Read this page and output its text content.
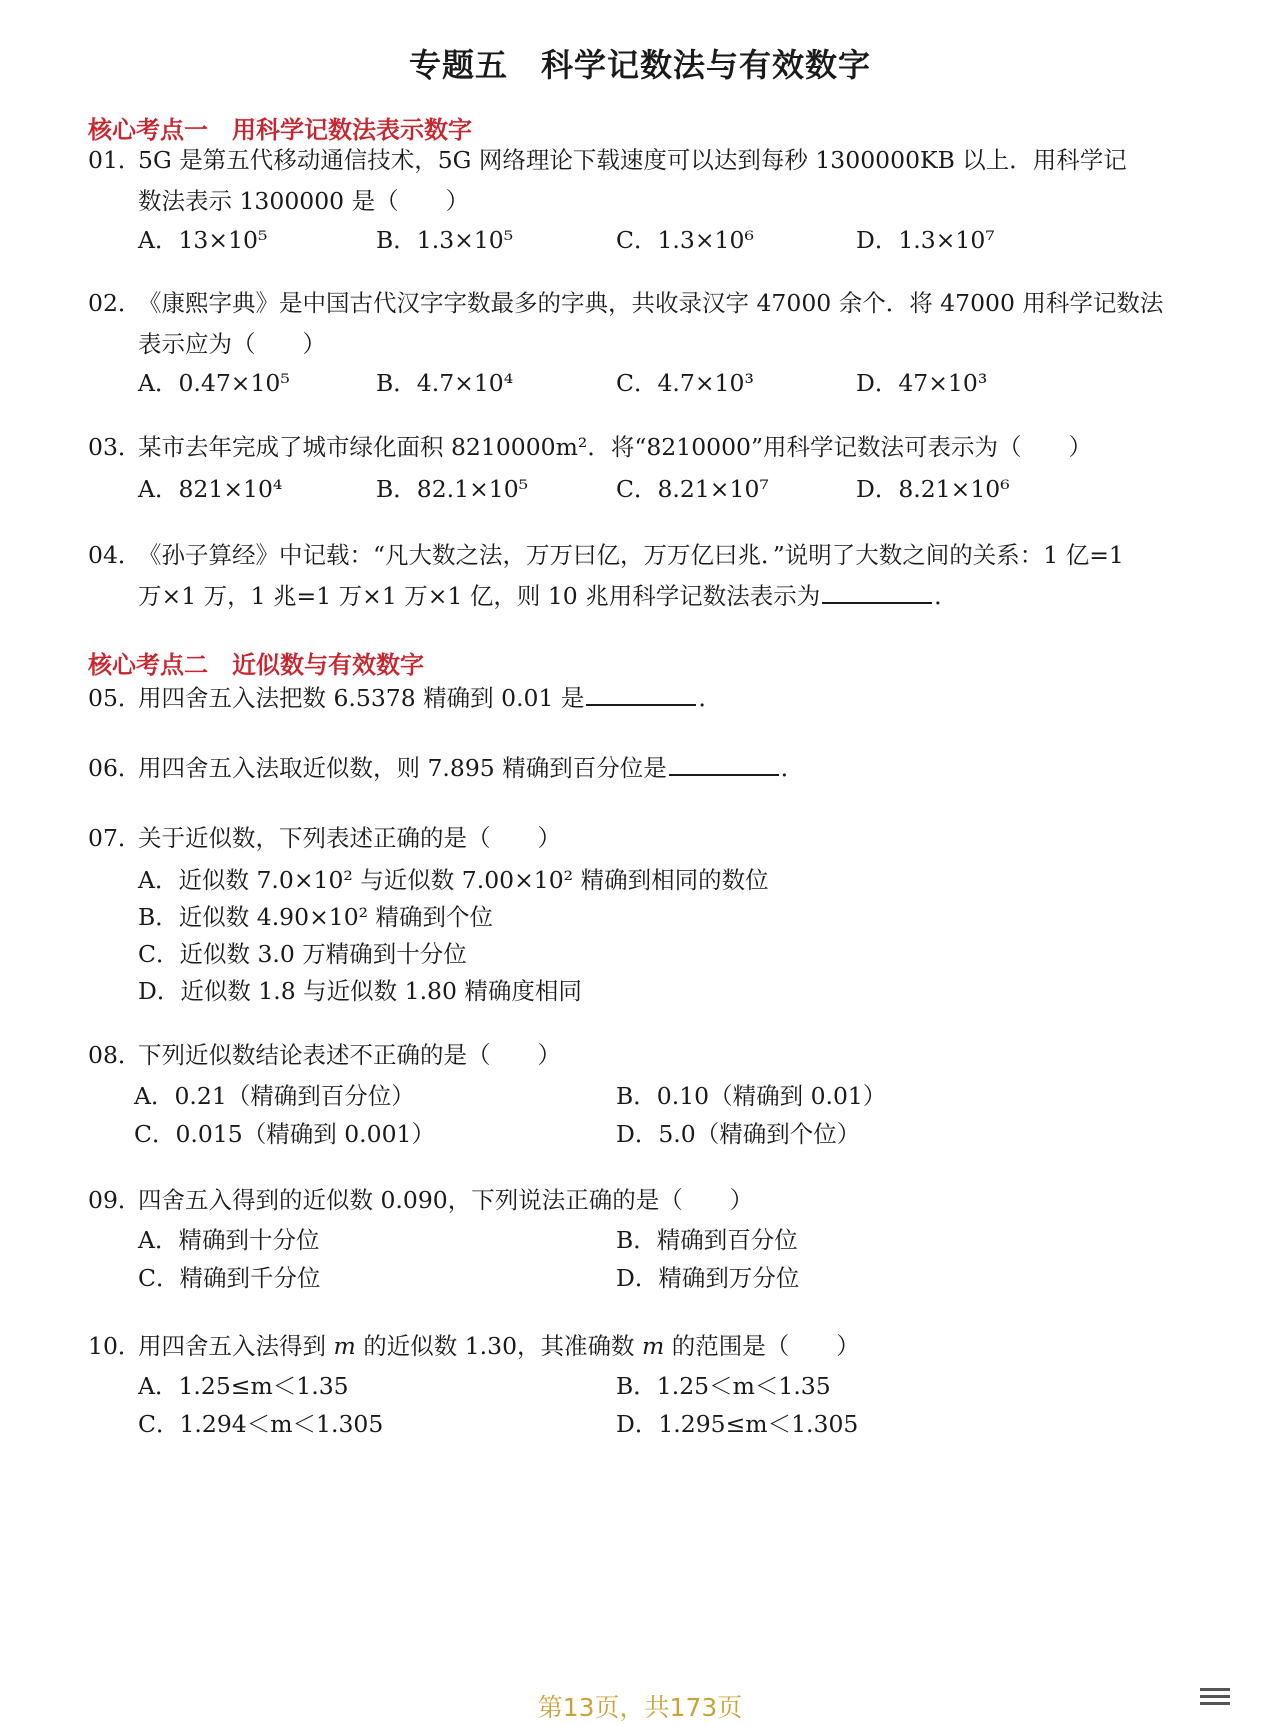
专题五　科学记数法与有效数字
核心考点一　用科学记数法表示数字
01．5G 是第五代移动通信技术，5G 网络理论下载速度可以达到每秒 1300000KB 以上．用科学记
数法表示 1300000 是（　　）
A．13×10⁵	B．1.3×10⁵	C．1.3×10⁶	D．1.3×10⁷
02．《康熙字典》是中国古代汉字字数最多的字典，共收录汉字 47000 余个．将 47000 用科学记数法
表示应为（　　）
A．0.47×10⁵	B．4.7×10⁴	C．4.7×10³	D．47×10³
03．某市去年完成了城市绿化面积 8210000m²．将“8210000”用科学记数法可表示为（　　）
A．821×10⁴	B．82.1×10⁵	C．8.21×10⁷	D．8.21×10⁶
04．《孙子算经》中记载：“凡大数之法，万万曰亿，万万亿曰兆．”说明了大数之间的关系：1 亿=1
万×1 万，1 兆=1 万×1 万×1 亿，则 10 兆用科学记数法表示为	．
核心考点二　近似数与有效数字
05．用四舍五入法把数 6.5378 精确到 0.01 是	．
06．用四舍五入法取近似数，则 7.895 精确到百分位是	．
07．关于近似数，下列表述正确的是（　　）
A．近似数 7.0×10² 与近似数 7.00×10² 精确到相同的数位
B．近似数 4.90×10² 精确到个位
C．近似数 3.0 万精确到十分位
D．近似数 1.8 与近似数 1.80 精确度相同
08．下列近似数结论表述不正确的是（　　）
A．0.21（精确到百分位）	B．0.10（精确到 0.01）
C．0.015（精确到 0.001）	D．5.0（精确到个位）
09．四舍五入得到的近似数 0.090，下列说法正确的是（　　）
A．精确到十分位	B．精确到百分位
C．精确到千分位	D．精确到万分位
10．用四舍五入法得到 m 的近似数 1.30，其准确数 m 的范围是（　　）
A．1.25≤m＜1.35	B．1.25＜m＜1.35
C．1.294＜m＜1.305	D．1.295≤m＜1.305
第13页，共173页
